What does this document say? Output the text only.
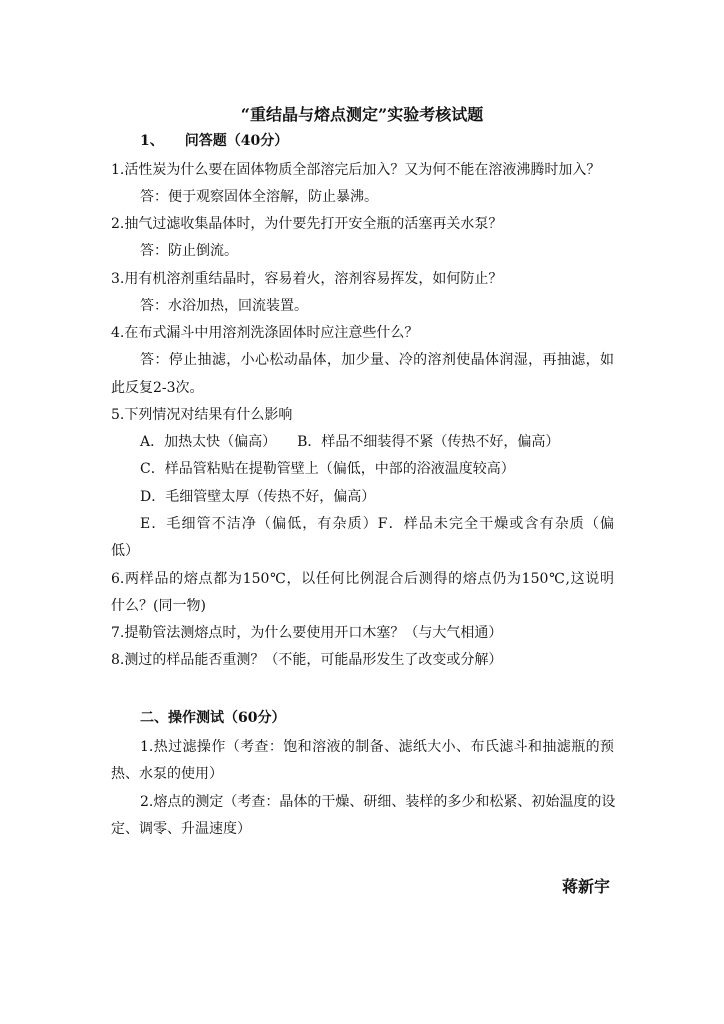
“重结晶与熔点测定”实验考核试题
1、　　问答题（40分）
1.活性炭为什么要在固体物质全部溶完后加入？又为何不能在溶液沸腾时加入？
答：便于观察固体全溶解，防止暴沸。
2.抽气过滤收集晶体时，为什要先打开安全瓶的活塞再关水泵？
答：防止倒流。
3.用有机溶剂重结晶时，容易着火，溶剂容易挥发，如何防止？
答：水浴加热，回流装置。
4.在布式漏斗中用溶剂洗涤固体时应注意些什么？
答：停止抽滤，小心松动晶体，加少量、冷的溶剂使晶体润湿，再抽滤，如
此反复2-3次。
5.下列情况对结果有什么影响
A．加热太快（偏高）　　B．样品不细装得不紧（传热不好，偏高）
C．样品管粘贴在提勒管壁上（偏低，中部的浴液温度较高）
D．毛细管壁太厚（传热不好，偏高）
E．毛细管不洁净（偏低，有杂质）F．样品未完全干燥或含有杂质（偏
低）
6.两样品的熔点都为150℃，以任何比例混合后测得的熔点仍为150℃,这说明
什么？(同一物)
7.提勒管法测熔点时，为什么要使用开口木塞？（与大气相通）
8.测过的样品能否重测？（不能，可能晶形发生了改变或分解）
二、操作测试（60分）
1.热过滤操作（考查：饱和溶液的制备、滤纸大小、布氏滤斗和抽滤瓶的预
热、水泵的使用）
2.熔点的测定（考查：晶体的干燥、研细、装样的多少和松紧、初始温度的设
定、调零、升温速度）
蒋新宇
